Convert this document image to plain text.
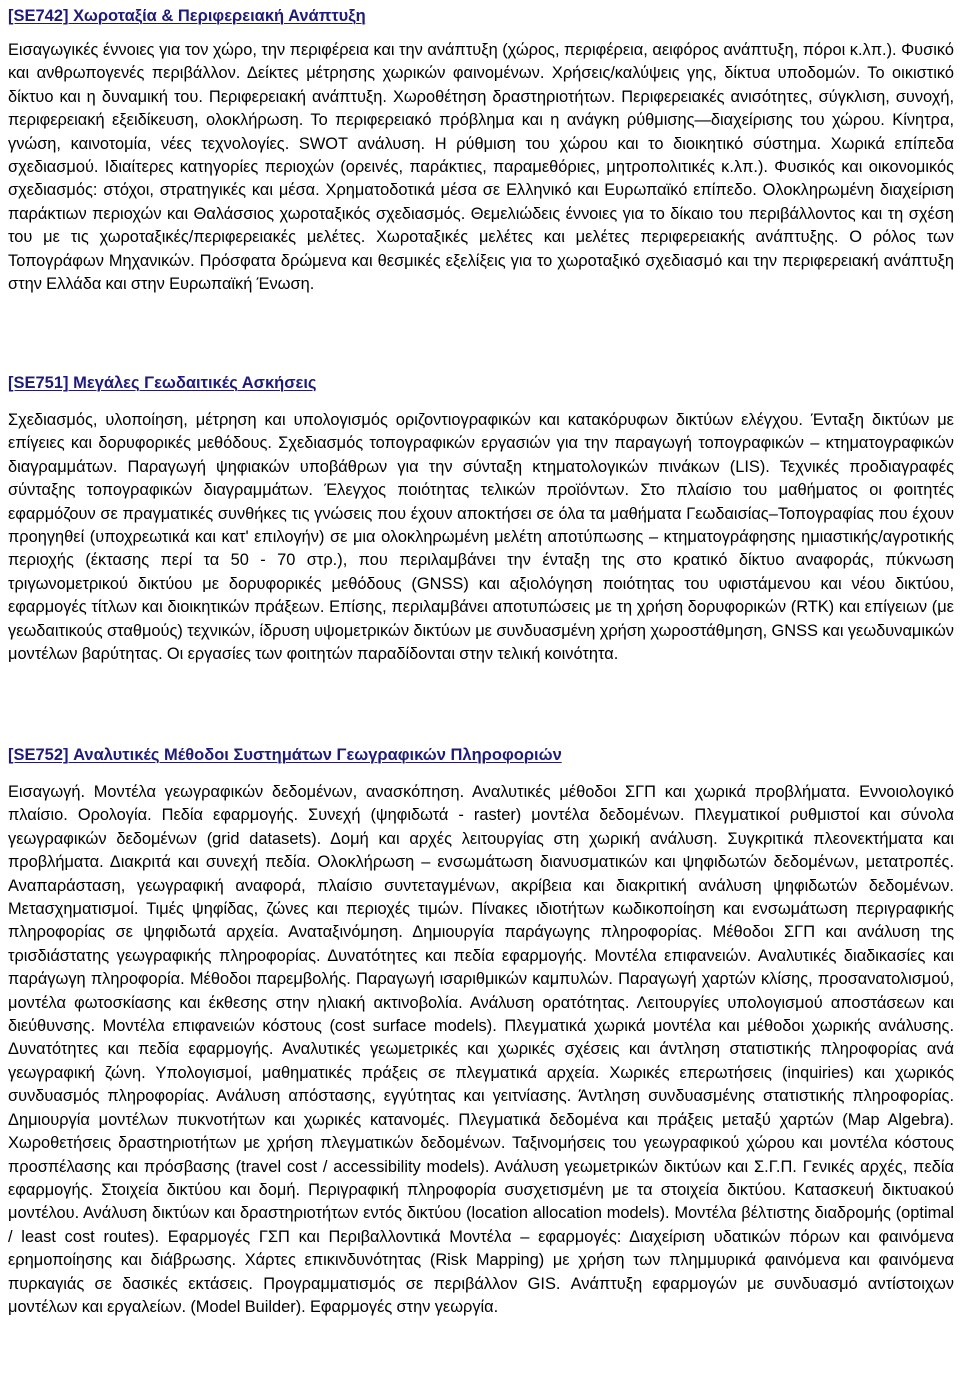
[SE742] Χωροταξία & Περιφερειακή Ανάπτυξη

Εισαγωγικές έννοιες για τον χώρο, την περιφέρεια και την ανάπτυξη (χώρος, περιφέρεια, αειφόρος ανάπτυξη, πόροι κ.λπ.). Φυσικό και ανθρωπογενές περιβάλλον. Δείκτες μέτρησης χωρικών φαινομένων. Χρήσεις/καλύψεις γης, δίκτυα υποδομών. Το οικιστικό δίκτυο και η δυναμική του. Περιφερειακή ανάπτυξη. Χωροθέτηση δραστηριοτήτων. Περιφερειακές ανισότητες, σύγκλιση, συνοχή, περιφερειακή εξειδίκευση, ολοκλήρωση. Το περιφερειακό πρόβλημα και η ανάγκη ρύθμισης―διαχείρισης του χώρου. Κίνητρα, γνώση, καινοτομία, νέες τεχνολογίες. SWOT ανάλυση. Η ρύθμιση του χώρου και το διοικητικό σύστημα. Χωρικά επίπεδα σχεδιασμού. Ιδιαίτερες κατηγορίες περιοχών (ορεινές, παράκτιες, παραμεθόριες, μητροπολιτικές κ.λπ.). Φυσικός και οικονομικός σχεδιασμός: στόχοι, στρατηγικές και μέσα. Χρηματοδοτικά μέσα σε Ελληνικό και Ευρωπαϊκό επίπεδο. Ολοκληρωμένη διαχείριση παράκτιων περιοχών και Θαλάσσιος χωροταξικός σχεδιασμός. Θεμελιώδεις έννοιες για το δίκαιο του περιβάλλοντος και τη σχέση του με τις χωροταξικές/περιφερειακές μελέτες. Χωροταξικές μελέτες και μελέτες περιφερειακής ανάπτυξης. Ο ρόλος των Τοπογράφων Μηχανικών. Πρόσφατα δρώμενα και θεσμικές εξελίξεις για το χωροταξικό σχεδιασμό και την περιφερειακή ανάπτυξη στην Ελλάδα και στην Ευρωπαϊκή Ένωση.

[SE751] Μεγάλες Γεωδαιτικές Ασκήσεις

Σχεδιασμός, υλοποίηση, μέτρηση και υπολογισμός οριζοντιογραφικών και κατακόρυφων δικτύων ελέγχου. Ένταξη δικτύων με επίγειες και δορυφορικές μεθόδους. Σχεδιασμός τοπογραφικών εργασιών για την παραγωγή τοπογραφικών – κτηματογραφικών διαγραμμάτων. Παραγωγή ψηφιακών υποβάθρων για την σύνταξη κτηματολογικών πινάκων (LIS). Τεχνικές προδιαγραφές σύνταξης τοπογραφικών διαγραμμάτων. Έλεγχος ποιότητας τελικών προϊόντων. Στο πλαίσιο του μαθήματος οι φοιτητές εφαρμόζουν σε πραγματικές συνθήκες τις γνώσεις που έχουν αποκτήσει σε όλα τα μαθήματα Γεωδαισίας–Τοπογραφίας που έχουν προηγηθεί (υποχρεωτικά και κατ' επιλογήν) σε μια ολοκληρωμένη μελέτη αποτύπωσης – κτηματογράφησης ημιαστικής/αγροτικής περιοχής (έκτασης περί τα 50 - 70 στρ.), που περιλαμβάνει την ένταξη της στο κρατικό δίκτυο αναφοράς, πύκνωση τριγωνομετρικού δικτύου με δορυφορικές μεθόδους (GNSS) και αξιολόγηση ποιότητας του υφιστάμενου και νέου δικτύου, εφαρμογές τίτλων και διοικητικών πράξεων. Επίσης, περιλαμβάνει αποτυπώσεις με τη χρήση δορυφορικών (RTK) και επίγειων (με γεωδαιτικούς σταθμούς) τεχνικών, ίδρυση υψομετρικών δικτύων με συνδυασμένη χρήση χωροστάθμηση, GNSS και γεωδυναμικών μοντέλων βαρύτητας. Οι εργασίες των φοιτητών παραδίδονται στην τελική κοινότητα.

[SE752] Αναλυτικές Μέθοδοι Συστημάτων Γεωγραφικών Πληροφοριών

Εισαγωγή. Μοντέλα γεωγραφικών δεδομένων, ανασκόπηση. Αναλυτικές μέθοδοι ΣΓΠ και χωρικά προβλήματα. Εννοιολογικό πλαίσιο. Ορολογία. Πεδία εφαρμογής. Συνεχή (ψηφιδωτά - raster) μοντέλα δεδομένων. Πλεγματικοί ρυθμιστοί και σύνολα γεωγραφικών δεδομένων (grid datasets). Δομή και αρχές λειτουργίας στη χωρική ανάλυση. Συγκριτικά πλεονεκτήματα και προβλήματα. Διακριτά και συνεχή πεδία. Ολοκλήρωση – ενσωμάτωση διανυσματικών και ψηφιδωτών δεδομένων, μετατροπές. Αναπαράσταση, γεωγραφική αναφορά, πλαίσιο συντεταγμένων, ακρίβεια και διακριτική ανάλυση ψηφιδωτών δεδομένων. Μετασχηματισμοί. Τιμές ψηφίδας, ζώνες και περιοχές τιμών. Πίνακες ιδιοτήτων κωδικοποίηση και ενσωμάτωση περιγραφικής πληροφορίας σε ψηφιδωτά αρχεία. Αναταξινόμηση. Δημιουργία παράγωγης πληροφορίας. Μέθοδοι ΣΓΠ και ανάλυση της τρισδιάστατης γεωγραφικής πληροφορίας. Δυνατότητες και πεδία εφαρμογής. Μοντέλα επιφανειών. Αναλυτικές διαδικασίες και παράγωγη πληροφορία. Μέθοδοι παρεμβολής. Παραγωγή ισαριθμικών καμπυλών. Παραγωγή χαρτών κλίσης, προσανατολισμού, μοντέλα φωτοσκίασης και έκθεσης στην ηλιακή ακτινοβολία. Ανάλυση ορατότητας. Λειτουργίες υπολογισμού αποστάσεων και διεύθυνσης. Μοντέλα επιφανειών κόστους (cost surface models). Πλεγματικά χωρικά μοντέλα και μέθοδοι χωρικής ανάλυσης. Δυνατότητες και πεδία εφαρμογής. Αναλυτικές γεωμετρικές και χωρικές σχέσεις και άντληση στατιστικής πληροφορίας ανά γεωγραφική ζώνη. Υπολογισμοί, μαθηματικές πράξεις σε πλεγματικά αρχεία. Χωρικές επερωτήσεις (inquiries) και χωρικός συνδυασμός πληροφορίας. Ανάλυση απόστασης, εγγύτητας και γειτνίασης. Άντληση συνδυασμένης στατιστικής πληροφορίας. Δημιουργία μοντέλων πυκνοτήτων και χωρικές κατανομές. Πλεγματικά δεδομένα και πράξεις μεταξύ χαρτών (Map Algebra). Χωροθετήσεις δραστηριοτήτων με χρήση πλεγματικών δεδομένων. Ταξινομήσεις του γεωγραφικού χώρου και μοντέλα κόστους προσπέλασης και πρόσβασης (travel cost / accessibility models). Ανάλυση γεωμετρικών δικτύων και Σ.Γ.Π. Γενικές αρχές, πεδία εφαρμογής. Στοιχεία δικτύου και δομή. Περιγραφική πληροφορία συσχετισμένη με τα στοιχεία δικτύου. Κατασκευή δικτυακού μοντέλου. Ανάλυση δικτύων και δραστηριοτήτων εντός δικτύου (location allocation models). Μοντέλα βέλτιστης διαδρομής (optimal / least cost routes). Εφαρμογές ΓΣΠ και Περιβαλλοντικά Μοντέλα – εφαρμογές: Διαχείριση υδατικών πόρων και φαινόμενα ερημοποίησης και διάβρωσης. Χάρτες επικινδυνότητας (Risk Mapping) με χρήση των πλημμυρικά φαινόμενα και φαινόμενα πυρκαγιάς σε δασικές εκτάσεις. Προγραμματισμός σε περιβάλλον GIS. Ανάπτυξη εφαρμογών με συνδυασμό αντίστοιχων μοντέλων και εργαλείων. (Model Builder). Εφαρμογές στην γεωργία.
